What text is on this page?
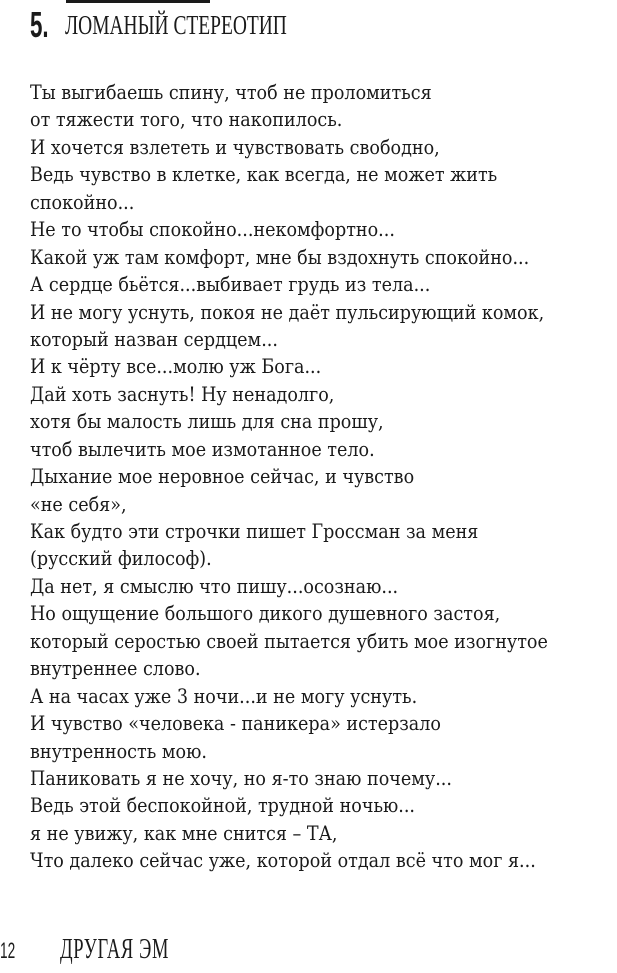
5. ЛОМАНЫЙ СТЕРЕОТИП
Ты выгибаешь спину, чтоб не проломиться
от тяжести того, что накопилось.
И хочется взлететь и чувствовать свободно,
Ведь чувство в клетке, как всегда, не может жить
спокойно...
Не то чтобы спокойно...некомфортно...
Какой уж там комфорт, мне бы вздохнуть спокойно...
А сердце бьётся...выбивает грудь из тела...
И не могу уснуть, покоя не даёт пульсирующий комок,
который назван сердцем...
И к чёрту все...молю уж Бога...
Дай хоть заснуть! Ну ненадолго,
хотя бы малость лишь для сна прошу,
чтоб вылечить мое измотанное тело.
Дыхание мое неровное сейчас, и чувство
«не себя»,
Как будто эти строчки пишет Гроссман за меня
(русский философ).
Да нет, я смыслю что пишу...осознаю...
Но ощущение большого дикого душевного застоя,
который серостью своей пытается убить мое изогнутое
внутреннее слово.
А на часах уже 3 ночи...и не могу уснуть.
И чувство «человека - паникера» истерзало
внутренность мою.
Паниковать я не хочу, но я-то знаю почему...
Ведь этой беспокойной, трудной ночью...
я не увижу, как мне снится – ТА,
Что далеко сейчас уже, которой отдал всё что мог я...
12 ДРУГАЯ ЭМ
